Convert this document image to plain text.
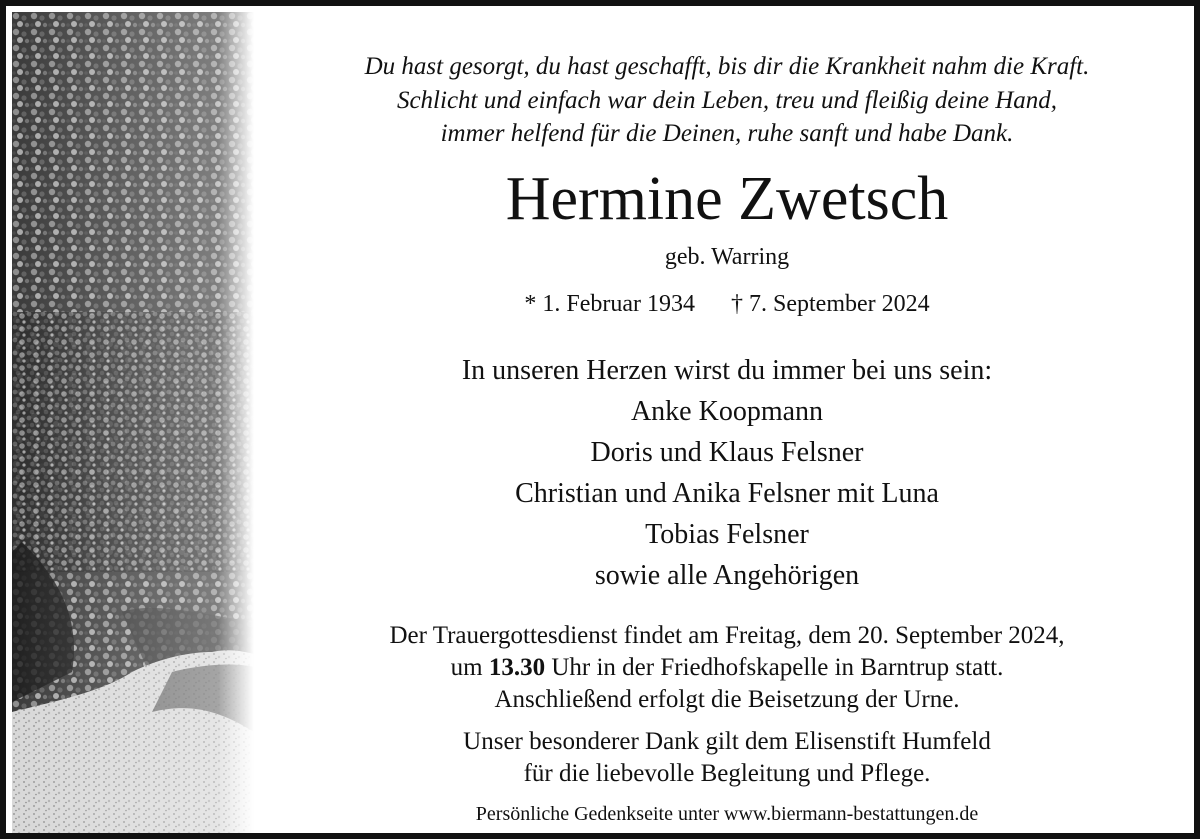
Du hast gesorgt, du hast geschafft, bis dir die Krankheit nahm die Kraft.
Schlicht und einfach war dein Leben, treu und fleißig deine Hand,
immer helfend für die Deinen, ruhe sanft und habe Dank.
Hermine Zwetsch
geb. Warring
* 1. Februar 1934 † 7. September 2024
In unseren Herzen wirst du immer bei uns sein:
Anke Koopmann
Doris und Klaus Felsner
Christian und Anika Felsner mit Luna
Tobias Felsner
sowie alle Angehörigen
Der Trauergottesdienst findet am Freitag, dem 20. September 2024,
um 13.30 Uhr in der Friedhofskapelle in Barntrup statt.
Anschließend erfolgt die Beisetzung der Urne.
Unser besonderer Dank gilt dem Elisenstift Humfeld
für die liebevolle Begleitung und Pflege.
Persönliche Gedenkseite unter www.biermann-bestattungen.de
